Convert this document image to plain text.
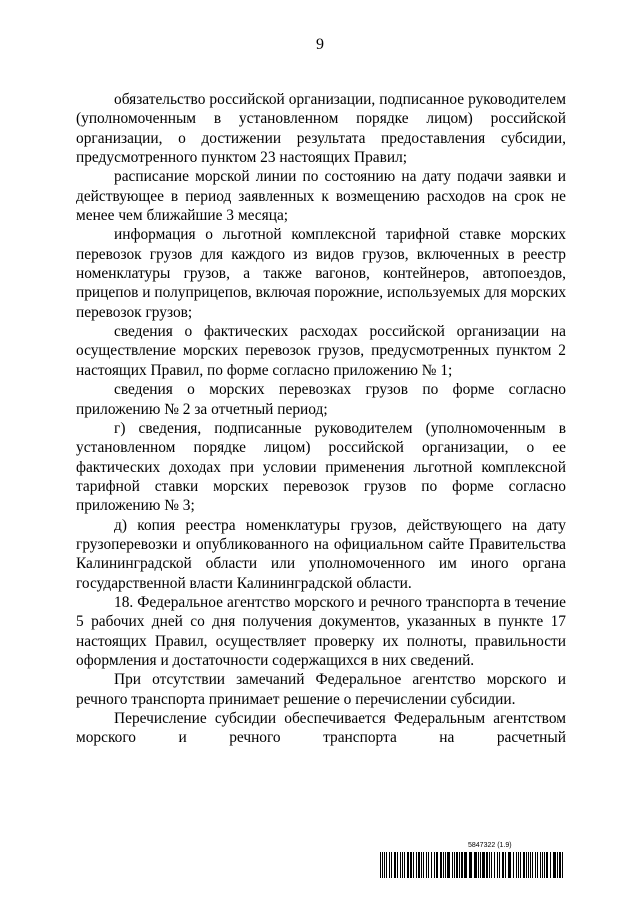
9

обязательство российской организации, подписанное руководителем (уполномоченным в установленном порядке лицом) российской организации, о достижении результата предоставления субсидии, предусмотренного пунктом 23 настоящих Правил;

расписание морской линии по состоянию на дату подачи заявки и действующее в период заявленных к возмещению расходов на срок не менее чем ближайшие 3 месяца;

информация о льготной комплексной тарифной ставке морских перевозок грузов для каждого из видов грузов, включенных в реестр номенклатуры грузов, а также вагонов, контейнеров, автопоездов, прицепов и полуприцепов, включая порожние, используемых для морских перевозок грузов;

сведения о фактических расходах российской организации на осуществление морских перевозок грузов, предусмотренных пунктом 2 настоящих Правил, по форме согласно приложению № 1;

сведения о морских перевозках грузов по форме согласно приложению № 2 за отчетный период;

г) сведения, подписанные руководителем (уполномоченным в установленном порядке лицом) российской организации, о ее фактических доходах при условии применения льготной комплексной тарифной ставки морских перевозок грузов по форме согласно приложению № 3;

д) копия реестра номенклатуры грузов, действующего на дату грузоперевозки и опубликованного на официальном сайте Правительства Калининградской области или уполномоченного им иного органа государственной власти Калининградской области.

18. Федеральное агентство морского и речного транспорта в течение 5 рабочих дней со дня получения документов, указанных в пункте 17 настоящих Правил, осуществляет проверку их полноты, правильности оформления и достаточности содержащихся в них сведений.

При отсутствии замечаний Федеральное агентство морского и речного транспорта принимает решение о перечислении субсидии.

Перечисление субсидии обеспечивается Федеральным агентством морского и речного транспорта на расчетный

5847322 (1.9)
